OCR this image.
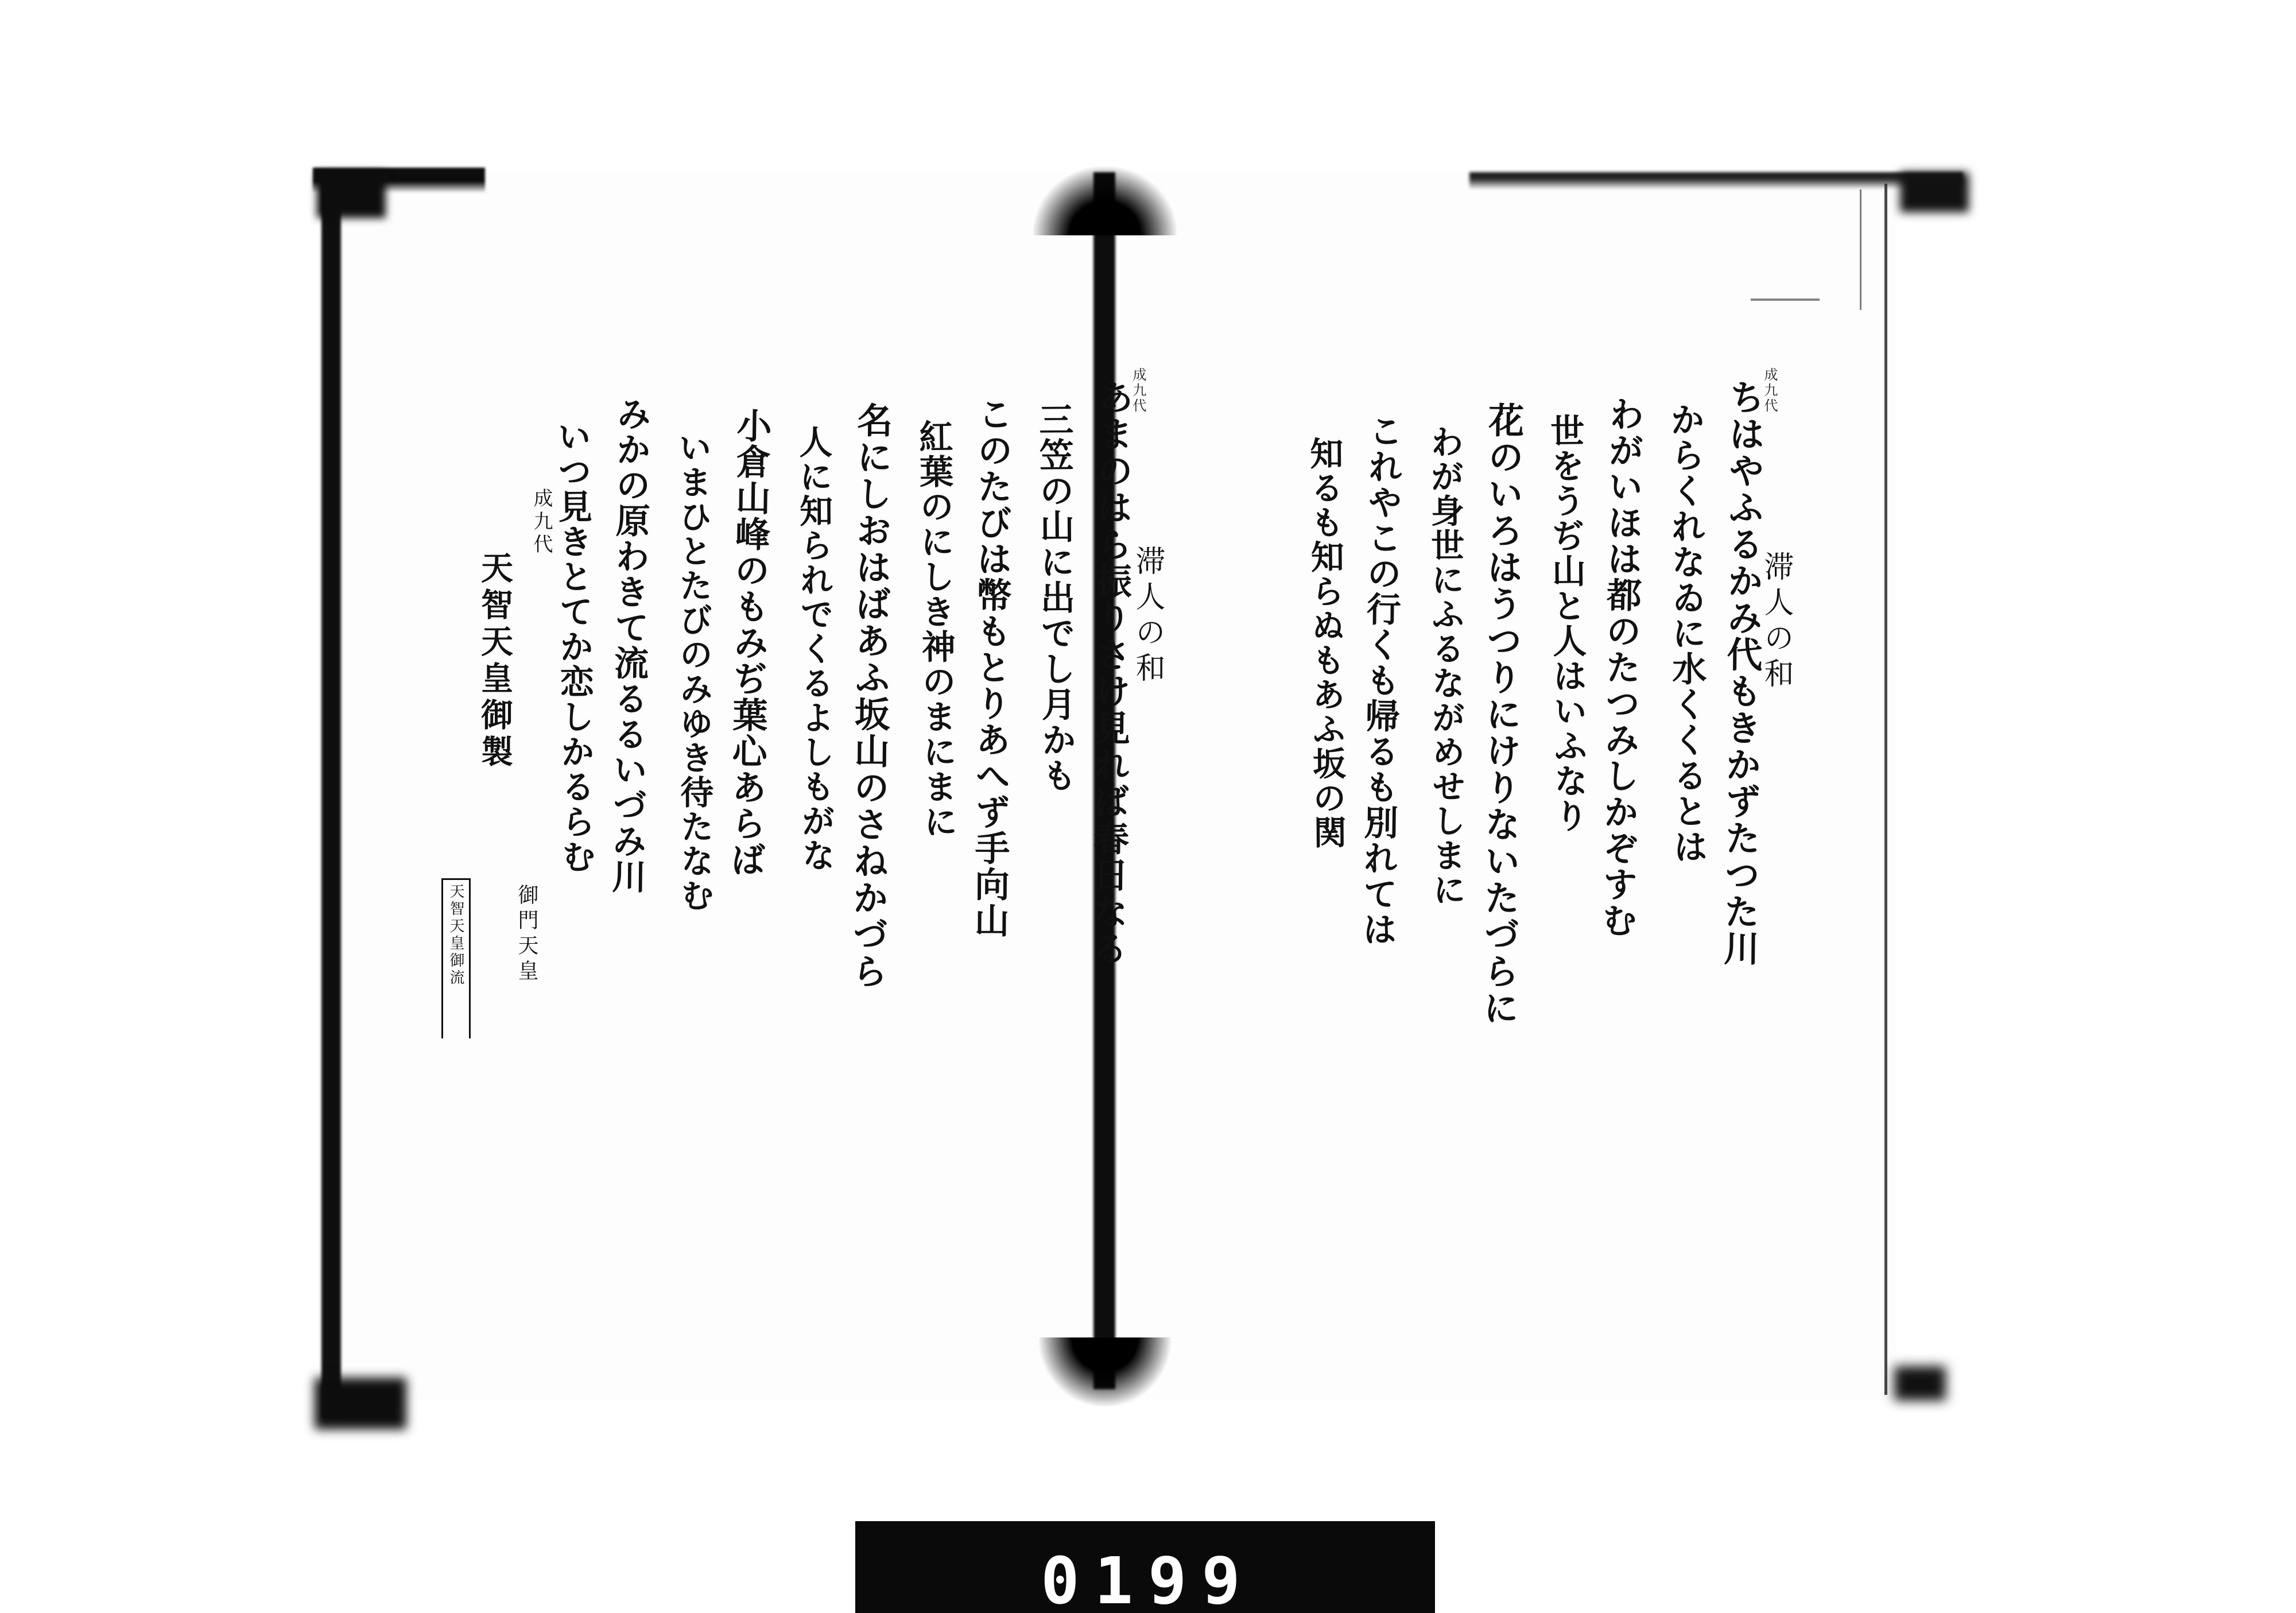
滞人の和
ちはやふるかみ代もきかずたつた川
からくれなゐに水くくるとは
わがいほは都のたつみしかぞすむ
世をうぢ山と人はいふなり
花のいろはうつりにけりないたづらに
わが身世にふるながめせしまに
これやこの行くも帰るも別れては
知るも知らぬもあふ坂の関
成九代
滞人の和
あまのはら振りさけ見れば春日なる
三笠の山に出でし月かも
このたびは幣もとりあへず手向山
紅葉のにしき神のまにまに
名にしおはばあふ坂山のさねかづら
人に知られでくるよしもがな
小倉山峰のもみぢ葉心あらば
いまひとたびのみゆき待たなむ
みかの原わきて流るるいづみ川
いつ見きとてか恋しかるらむ
成九代
成九代
天智天皇御製
御門天皇
天智天皇御流
0199
